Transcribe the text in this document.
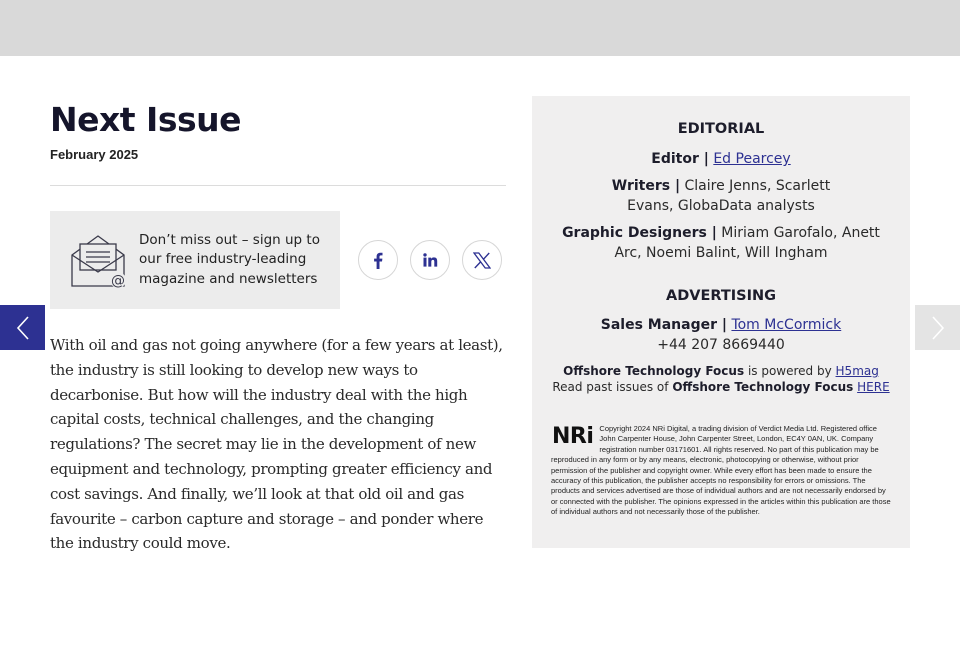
Next Issue
February 2025
@
Don’t miss out – sign up to our free industry-leading magazine and newsletters

With oil and gas not going anywhere (for a few years at least), the industry is still looking to develop new ways to decarbonise. But how will the industry deal with the high capital costs, technical challenges, and the changing regulations? The secret may lie in the development of new equipment and technology, prompting greater efficiency and cost savings. And finally, we’ll look at that old oil and gas favourite – carbon capture and storage – and ponder where the industry could move.

EDITORIAL
Editor | Ed Pearcey
Writers | Claire Jenns, Scarlett Evans, GlobaData analysts
Graphic Designers | Miriam Garofalo, Anett Arc, Noemi Balint, Will Ingham
ADVERTISING
Sales Manager | Tom McCormick
+44 207 8669440
Offshore Technology Focus is powered by H5mag
Read past issues of Offshore Technology Focus HERE
NRi Copyright 2024 NRi Digital, a trading division of Verdict Media Ltd. Registered office John Carpenter House, John Carpenter Street, London, EC4Y 0AN, UK. Company registration number 03171601. All rights reserved. No part of this publication may be reproduced in any form or by any means, electronic, photocopying or otherwise, without prior permission of the publisher and copyright owner. While every effort has been made to ensure the accuracy of this publication, the publisher accepts no responsibility for errors or omissions. The products and services advertised are those of individual authors and are not necessarily endorsed by or connected with the publisher. The opinions expressed in the articles within this publication are those of individual authors and not necessarily those of the publisher.
